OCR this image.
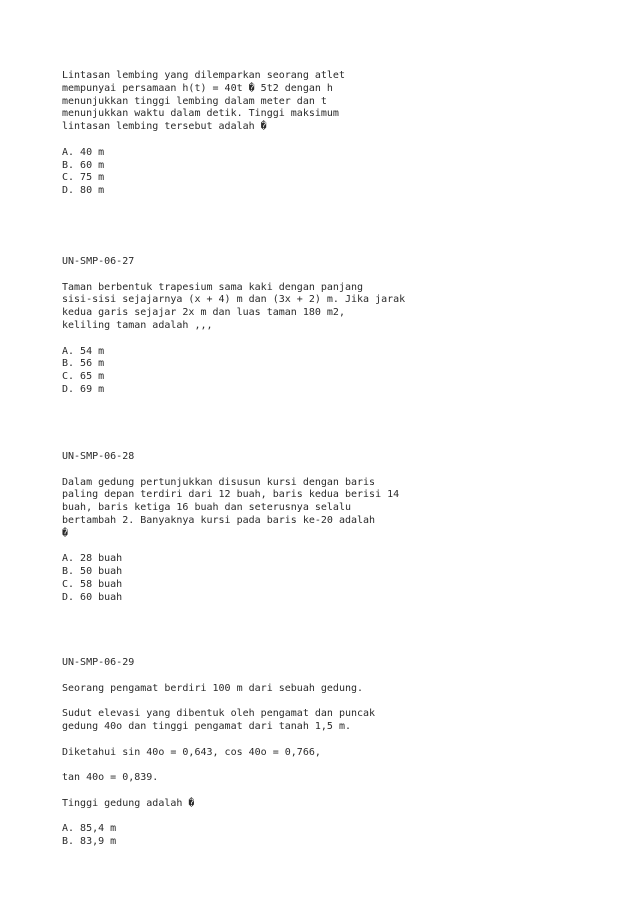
Lintasan lembing yang dilemparkan seorang atlet
mempunyai persamaan h(t) = 40t � 5t2 dengan h
menunjukkan tinggi lembing dalam meter dan t
menunjukkan waktu dalam detik. Tinggi maksimum
lintasan lembing tersebut adalah �
A. 40 m
B. 60 m
C. 75 m
D. 80 m
UN-SMP-06-27
Taman berbentuk trapesium sama kaki dengan panjang
sisi-sisi sejajarnya (x + 4) m dan (3x + 2) m. Jika jarak
kedua garis sejajar 2x m dan luas taman 180 m2,
keliling taman adalah ,,,
A. 54 m
B. 56 m
C. 65 m
D. 69 m
UN-SMP-06-28
Dalam gedung pertunjukkan disusun kursi dengan baris
paling depan terdiri dari 12 buah, baris kedua berisi 14
buah, baris ketiga 16 buah dan seterusnya selalu
bertambah 2. Banyaknya kursi pada baris ke-20 adalah
�
A. 28 buah
B. 50 buah
C. 58 buah
D. 60 buah
UN-SMP-06-29
Seorang pengamat berdiri 100 m dari sebuah gedung.
Sudut elevasi yang dibentuk oleh pengamat dan puncak
gedung 40o dan tinggi pengamat dari tanah 1,5 m.
Diketahui sin 40o = 0,643, cos 40o = 0,766,
tan 40o = 0,839.
Tinggi gedung adalah �
A. 85,4 m
B. 83,9 m
